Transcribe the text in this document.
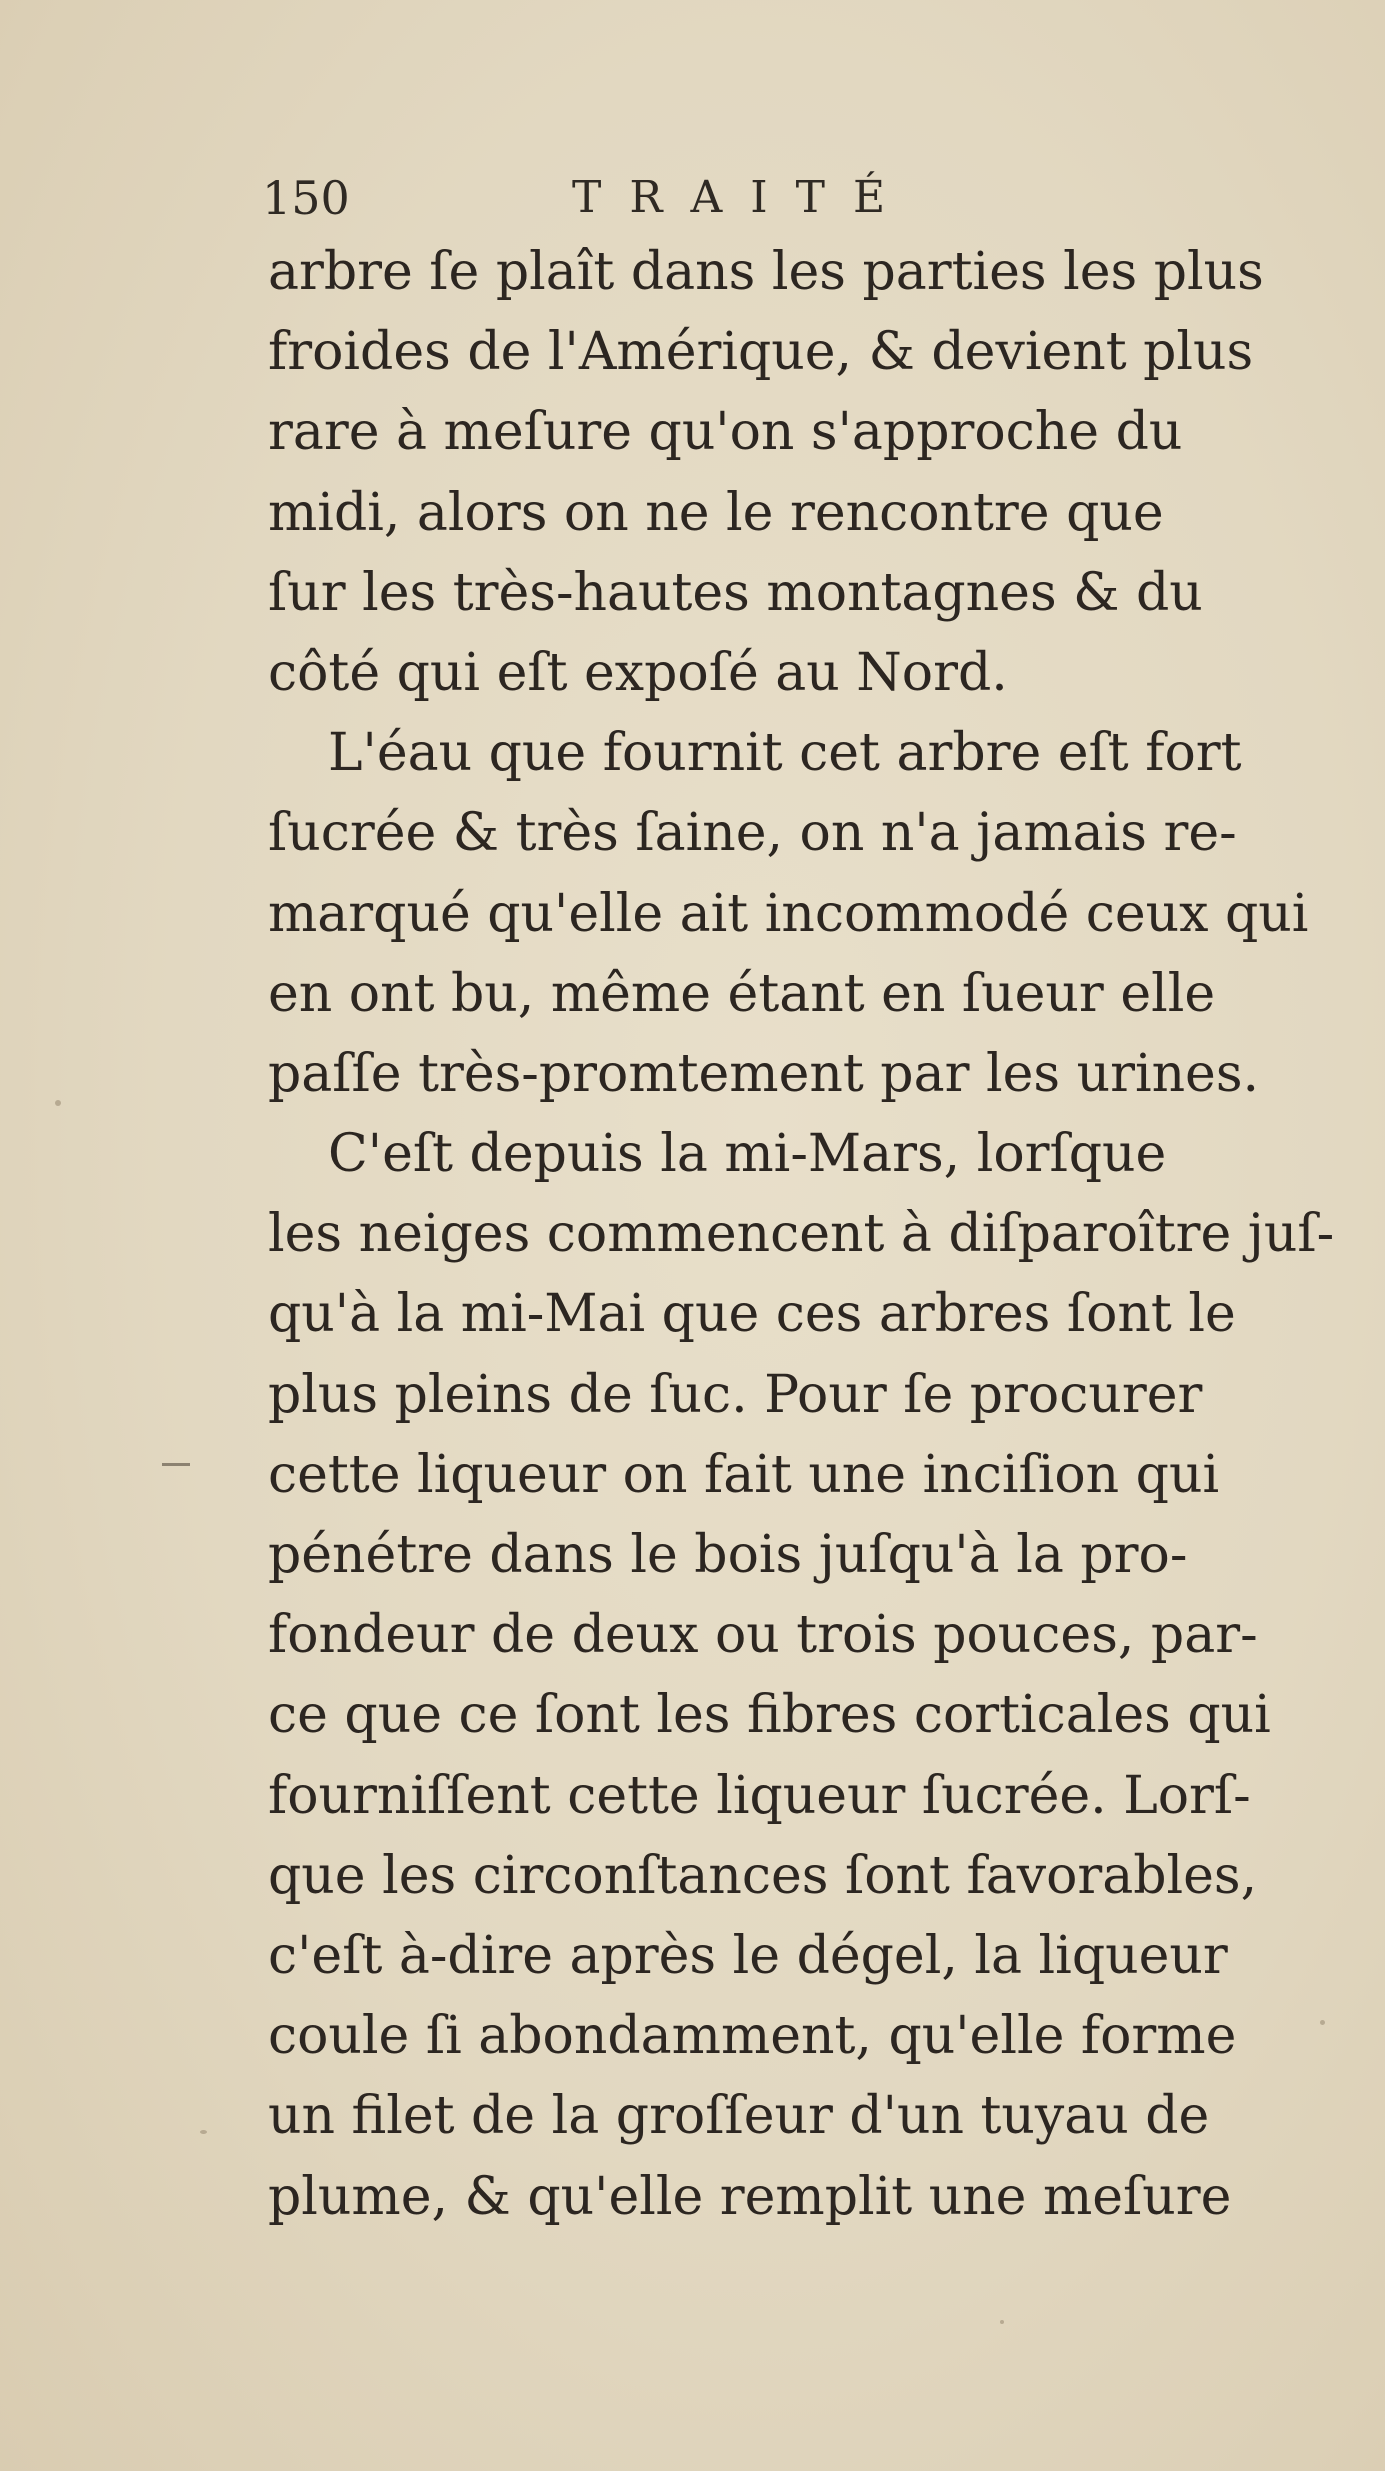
150	TRAITÉ
arbre ſe plaît dans les parties les plus
froides de l'Amérique, & devient plus
rare à meſure qu'on s'approche du
midi, alors on ne le rencontre que
ſur les très-hautes montagnes & du
côté qui eſt expoſé au Nord.
L'éau que fournit cet arbre eſt fort
ſucrée & très ſaine, on n'a jamais re-
marqué qu'elle ait incommodé ceux qui
en ont bu, même étant en ſueur elle
paſſe très-promtement par les urines.
C'eſt depuis la mi-Mars, lorſque
les neiges commencent à diſparoître juſ-
qu'à la mi-Mai que ces arbres ſont le
plus pleins de ſuc. Pour ſe procurer
cette liqueur on fait une inciſion qui
pénétre dans le bois juſqu'à la pro-
fondeur de deux ou trois pouces, par-
ce que ce ſont les fibres corticales qui
fourniſſent cette liqueur ſucrée. Lorſ-
que les circonſtances ſont favorables,
c'eſt à-dire après le dégel, la liqueur
coule ſi abondamment, qu'elle forme
un filet de la groſſeur d'un tuyau de
plume, & qu'elle remplit une meſure
